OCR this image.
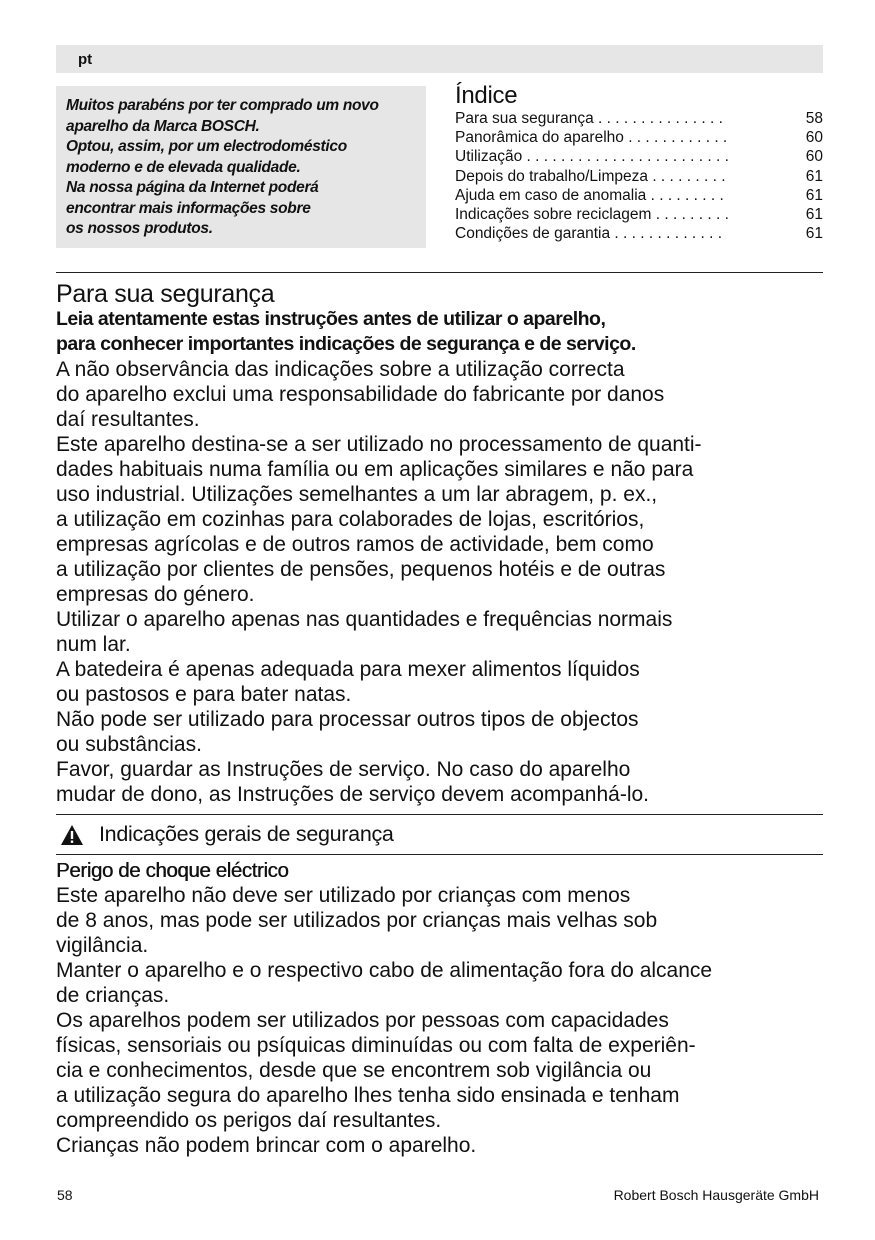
pt
Muitos parabéns por ter comprado um novo
aparelho da Marca BOSCH.
Optou, assim, por um electrodoméstico
moderno e de elevada qualidade.
Na nossa página da Internet poderá
encontrar mais informações sobre
os nossos produtos.
Índice
Para sua segurança . . . . . . . . . . . . . . .	58
Panorâmica do aparelho . . . . . . . . . . . .	60
Utilização . . . . . . . . . . . . . . . . . . . . . . . .	60
Depois do trabalho/Limpeza . . . . . . . . .	61
Ajuda em caso de anomalia . . . . . . . . .	61
Indicações sobre reciclagem . . . . . . . . .	61
Condições de garantia . . . . . . . . . . . . .	61
Para sua segurança
Leia atentamente estas instruções antes de utilizar o aparelho,
para conhecer importantes indicações de segurança e de serviço.
A não observância das indicações sobre a utilização correcta
do aparelho exclui uma responsabilidade do fabricante por danos
daí resultantes.
Este aparelho destina-se a ser utilizado no processamento de quanti-
dades habituais numa família ou em aplicações similares e não para
uso industrial. Utilizações semelhantes a um lar abragem, p. ex.,
a utilização em cozinhas para colaborades de lojas, escritórios,
empresas agrícolas e de outros ramos de actividade, bem como
a utilização por clientes de pensões, pequenos hotéis e de outras
empresas do género.
Utilizar o aparelho apenas nas quantidades e frequências normais
num lar.
A batedeira é apenas adequada para mexer alimentos líquidos
ou pastosos e para bater natas.
Não pode ser utilizado para processar outros tipos de objectos
ou substâncias.
Favor, guardar as Instruções de serviço. No caso do aparelho
mudar de dono, as Instruções de serviço devem acompanhá-lo.
Indicações gerais de segurança
Perigo de choque eléctrico
Este aparelho não deve ser utilizado por crianças com menos
de 8 anos, mas pode ser utilizados por crianças mais velhas sob
vigilância.
Manter o aparelho e o respectivo cabo de alimentação fora do alcance
de crianças.
Os aparelhos podem ser utilizados por pessoas com capacidades
físicas, sensoriais ou psíquicas diminuídas ou com falta de experiên-
cia e conhecimentos, desde que se encontrem sob vigilância ou
a utilização segura do aparelho lhes tenha sido ensinada e tenham
compreendido os perigos daí resultantes.
Crianças não podem brincar com o aparelho.
58	Robert Bosch Hausgeräte GmbH
